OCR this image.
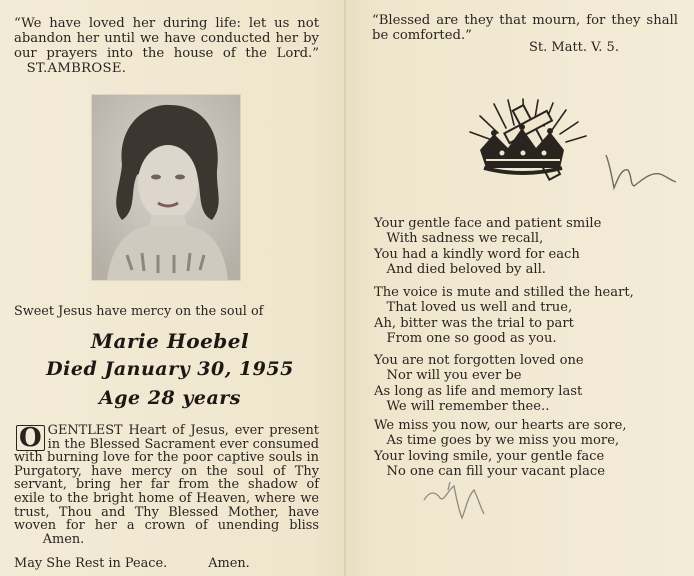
“We have loved her during life: let us not abandon her until we have conducted her by our prayers into the house of the Lord.”    ST.AMBROSE.
Sweet Jesus have mercy on the soul of
Marie Hoebel
Died January 30, 1955
Age 28 years
O GENTLEST Heart of Jesus, ever present in the Blessed Sacrament ever consumed with burning love for the poor captive souls in Purgatory, have mercy on the soul of Thy servant, bring her far from the shadow of exile to the bright home of Heaven, where we trust, Thou and Thy Blessed Mother, have woven for her a crown of unending bliss        Amen.
May She Rest in Peace.	Amen.
“Blessed are they that mourn, for they shall be comforted.”
St. Matt. V. 5.
Your gentle face and patient smile
With sadness we recall,
You had a kindly word for each
And died beloved by all.
The voice is mute and stilled the heart,
That loved us well and true,
Ah, bitter was the trial to part
From one so good as you.
You are not forgotten loved one
Nor will you ever be
As long as life and memory last
We will remember thee..
We miss you now, our hearts are sore,
As time goes by we miss you more,
Your loving smile, your gentle face
No one can fill your vacant place
